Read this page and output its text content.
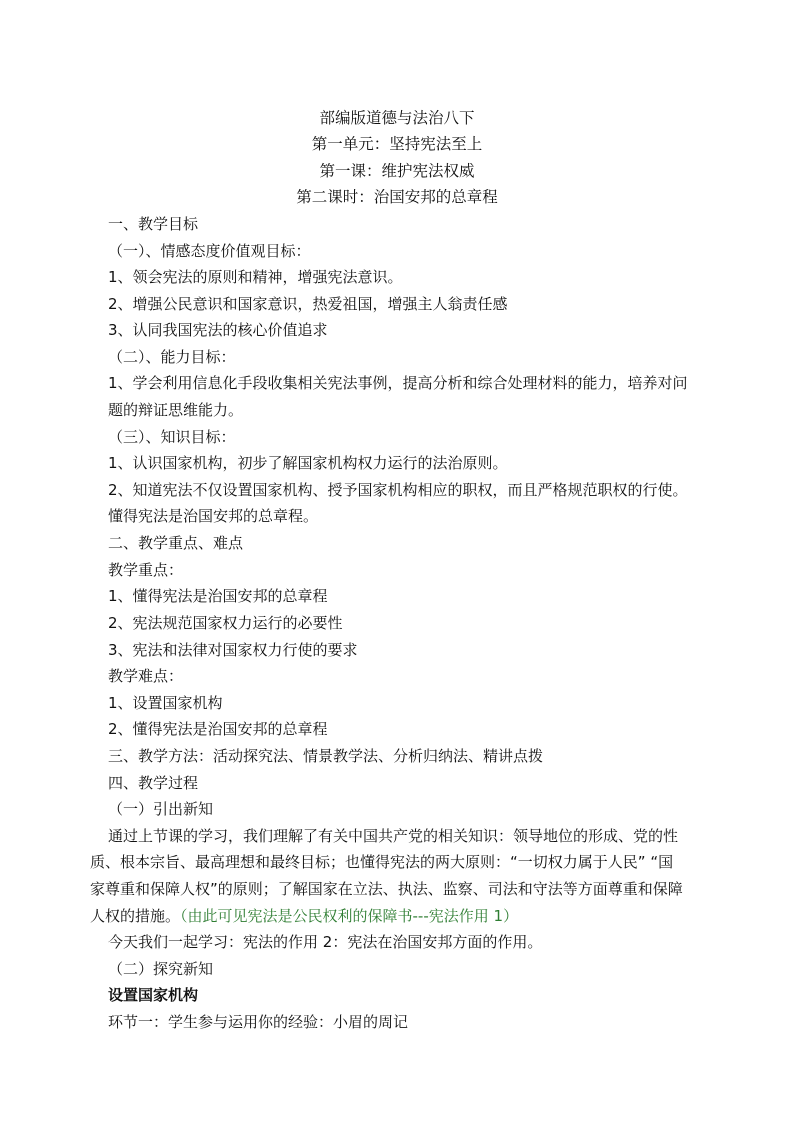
部编版道德与法治八下
第一单元：坚持宪法至上
第一课：维护宪法权威
第二课时：治国安邦的总章程
一、教学目标
（一）、情感态度价值观目标：
1、领会宪法的原则和精神，增强宪法意识。
2、增强公民意识和国家意识，热爱祖国，增强主人翁责任感
3、认同我国宪法的核心价值追求
（二）、能力目标：
1、学会利用信息化手段收集相关宪法事例，提高分析和综合处理材料的能力，培养对问
题的辩证思维能力。
（三）、知识目标：
1、认识国家机构，初步了解国家机构权力运行的法治原则。
2、知道宪法不仅设置国家机构、授予国家机构相应的职权，而且严格规范职权的行使。
懂得宪法是治国安邦的总章程。
二、教学重点、难点
教学重点：
1、懂得宪法是治国安邦的总章程
2、宪法规范国家权力运行的必要性
3、宪法和法律对国家权力行使的要求
教学难点：
1、设置国家机构
2、懂得宪法是治国安邦的总章程
三、教学方法：活动探究法、情景教学法、分析归纳法、精讲点拨
四、教学过程
（一）引出新知
通过上节课的学习，我们理解了有关中国共产党的相关知识：领导地位的形成、党的性
质、根本宗旨、最高理想和最终目标；也懂得宪法的两大原则：“一切权力属于人民” “国
家尊重和保障人权”的原则；了解国家在立法、执法、监察、司法和守法等方面尊重和保障
人权的措施。（由此可见宪法是公民权利的保障书---宪法作用 1）
今天我们一起学习：宪法的作用 2：宪法在治国安邦方面的作用。
（二）探究新知
设置国家机构
环节一：学生参与运用你的经验：小眉的周记
